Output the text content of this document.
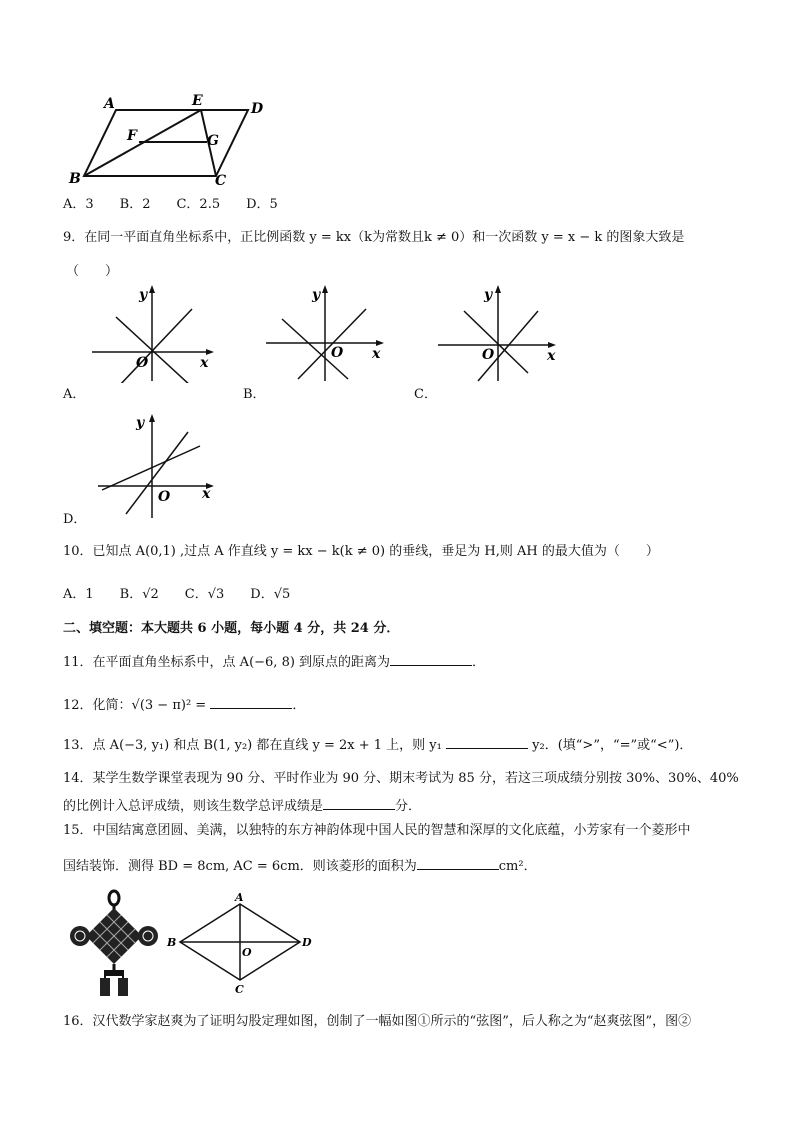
A	E	D
F	G
B	C
A．3　　B．2　　C．2.5　　D．5
9．在同一平面直角坐标系中，正比例函数 y = kx（k为常数且k ≠ 0）和一次函数 y = x − k 的图象大致是
（　　）
y
O	x
A．
y
O x
B．
y
O	x
C．
y
O x
D．
10．已知点 A(0,1) ,过点 A 作直线 y = kx − k(k ≠ 0) 的垂线，垂足为 H,则 AH 的最大值为（　　）
A．1　　B．√2　　C．√3　　D．√5
二、填空题：本大题共 6 小题，每小题 4 分，共 24 分．
11．在平面直角坐标系中，点 A(−6, 8) 到原点的距离为	．
12．化简：√(3 − π)² =	．
13．点 A(−3, y₁) 和点 B(1, y₂) 都在直线 y = 2x + 1 上，则 y₁	y₂．(填“>”，“=”或“<”)．
14．某学生数学课堂表现为 90 分、平时作业为 90 分、期末考试为 85 分，若这三项成绩分别按 30%、30%、40%
的比例计入总评成绩，则该生数学总评成绩是	分．
15．中国结寓意团圆、美满，以独特的东方神韵体现中国人民的智慧和深厚的文化底蕴，小芳家有一个菱形中
国结装饰．测得 BD = 8cm, AC = 6cm．则该菱形的面积为	cm²．
A
B
O
D
C
16．汉代数学家赵爽为了证明勾股定理如图，创制了一幅如图①所示的“弦图”，后人称之为“赵爽弦图”，图②
